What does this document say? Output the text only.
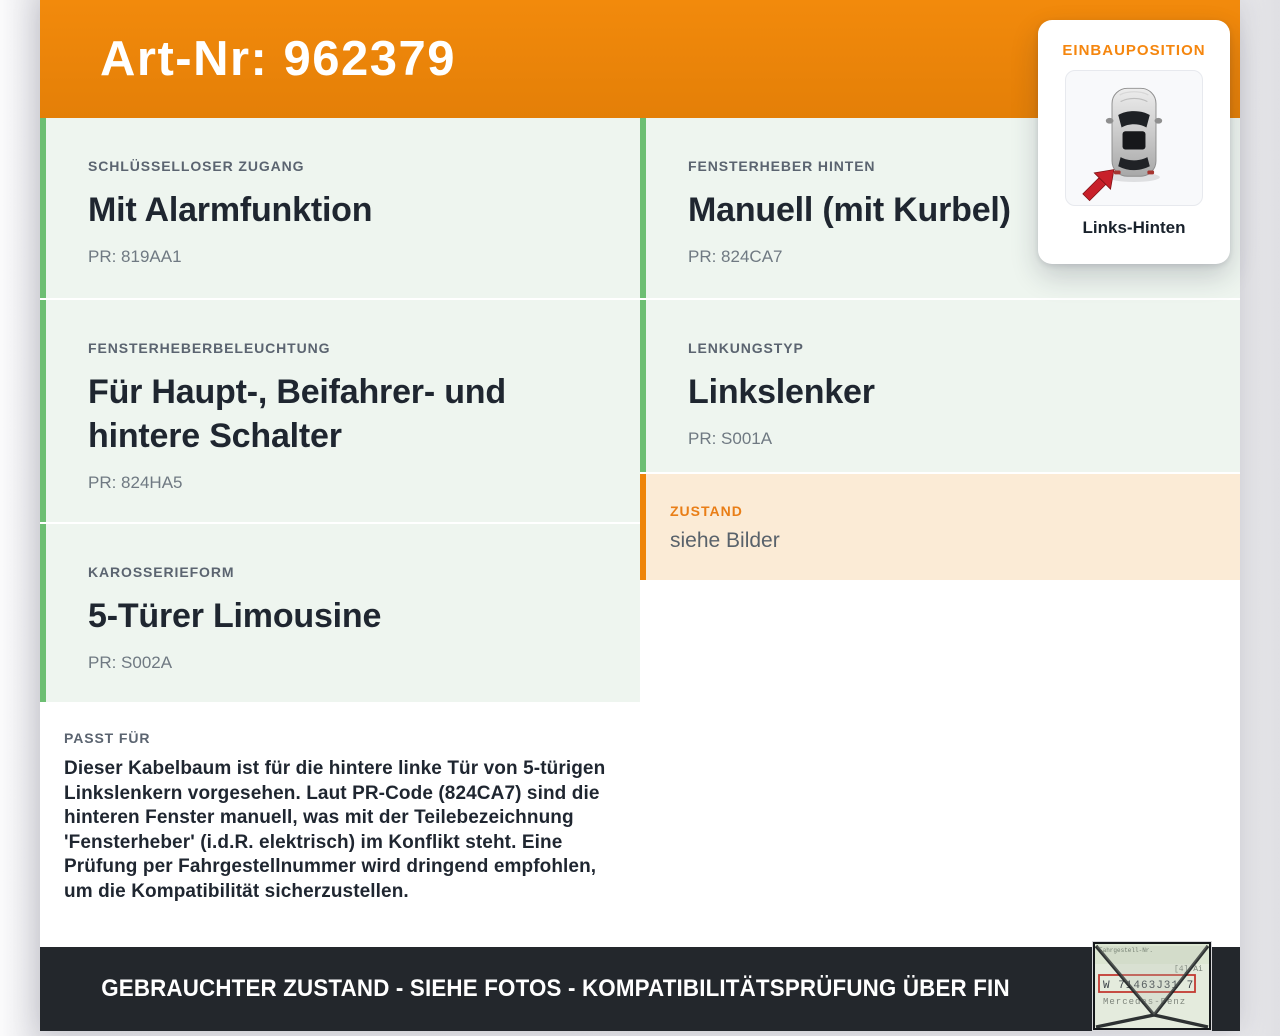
Art-Nr: 962379
SCHLÜSSELLOSER ZUGANG
Mit Alarmfunktion
PR: 819AA1
FENSTERHEBERBELEUCHTUNG
Für Haupt-, Beifahrer- und hintere Schalter
PR: 824HA5
KAROSSERIEFORM
5-Türer Limousine
PR: S002A
PASST FÜR
Dieser Kabelbaum ist für die hintere linke Tür von 5-türigen Linkslenkern vorgesehen. Laut PR-Code (824CA7) sind die hinteren Fenster manuell, was mit der Teilebezeichnung 'Fensterheber' (i.d.R. elektrisch) im Konflikt steht. Eine Prüfung per Fahrgestellnummer wird dringend empfohlen, um die Kompatibilität sicherzustellen.
FENSTERHEBER HINTEN
Manuell (mit Kurbel)
PR: 824CA7
LENKUNGSTYP
Linkslenker
PR: S001A
ZUSTAND
siehe Bilder
GEBRAUCHTER ZUSTAND - SIEHE FOTOS - KOMPATIBILITÄTSPRÜFUNG ÜBER FIN
Fahrgestell-Nr.
[4] Ai
W 71463J31 7
Mercedes-Benz
EINBAUPOSITION
Links-Hinten
